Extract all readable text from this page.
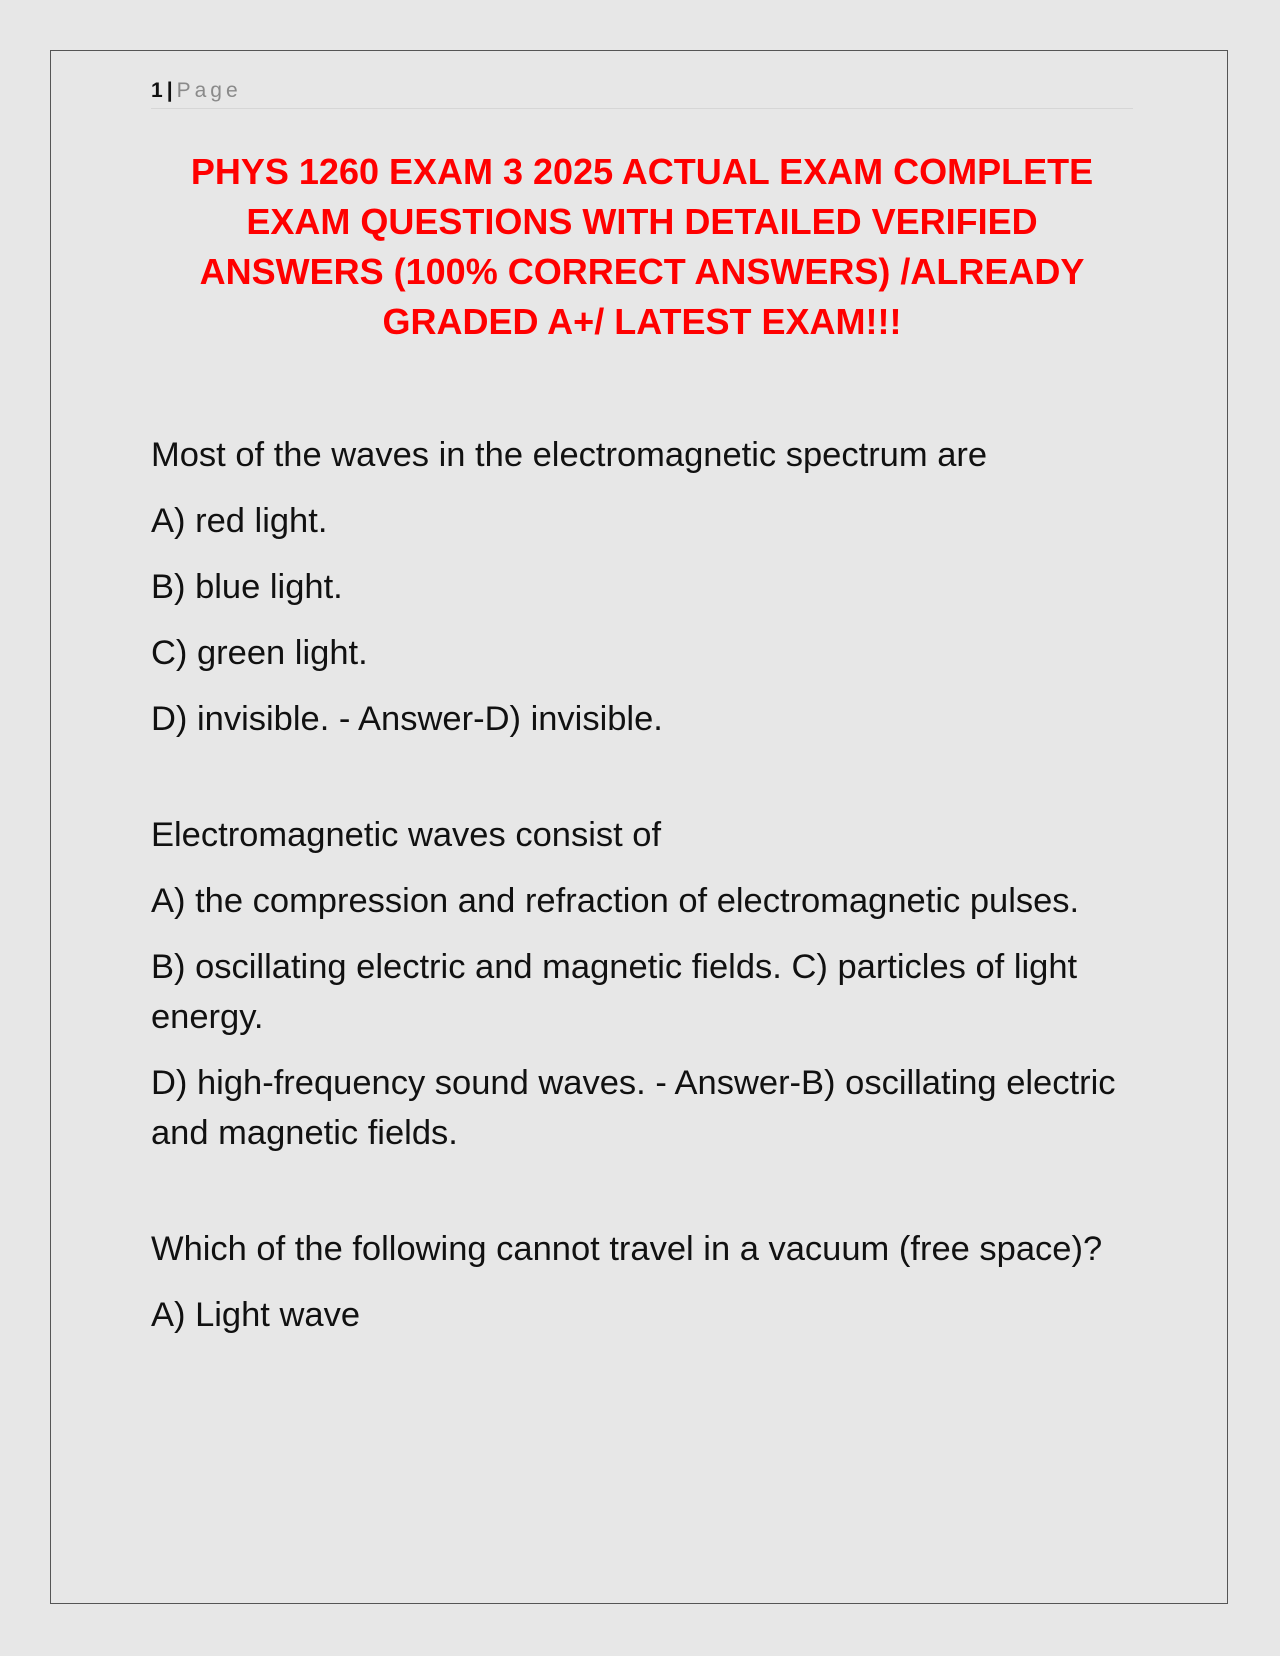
1 | Page
PHYS 1260 EXAM 3 2025 ACTUAL EXAM COMPLETE EXAM QUESTIONS WITH DETAILED VERIFIED ANSWERS (100% CORRECT ANSWERS) /ALREADY GRADED A+/ LATEST EXAM!!!

Most of the waves in the electromagnetic spectrum are

A) red light.

B) blue light.

C) green light.

D) invisible. - Answer-D) invisible.

Electromagnetic waves consist of

A) the compression and refraction of electromagnetic pulses.

B) oscillating electric and magnetic fields. C) particles of light energy.

D) high-frequency sound waves. - Answer-B) oscillating electric and magnetic fields.

Which of the following cannot travel in a vacuum (free space)?

A) Light wave
